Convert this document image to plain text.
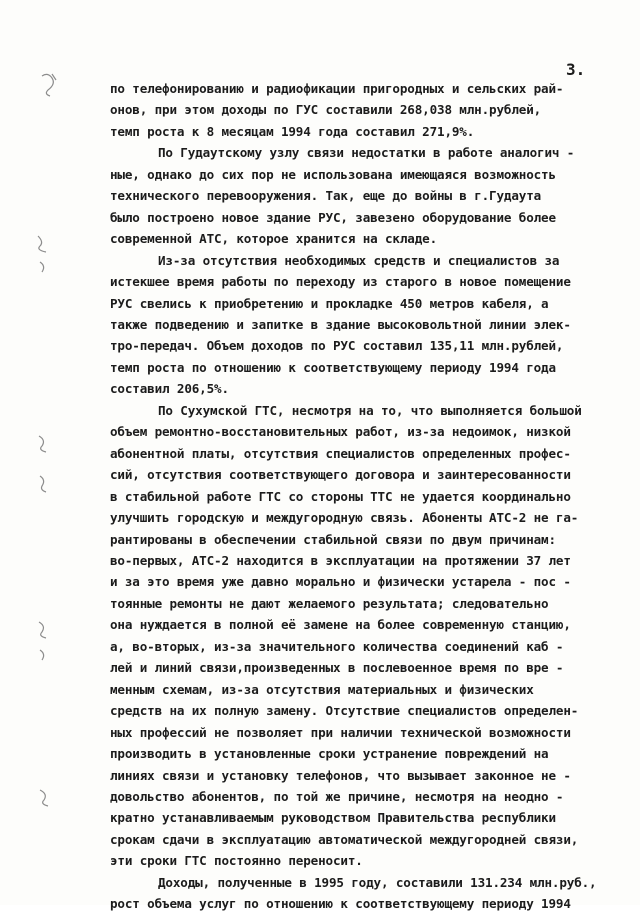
3.
по телефонированию и радиофикации пригородных и сельских рай-
онов, при этом доходы по ГУС составили 268,038 млн.рублей,
темп роста к 8 месяцам 1994 года составил 271,9%.
По Гудаутскому узлу связи недостатки в работе аналогич -
ные, однако до сих пор не использована имеющаяся возможность
технического перевооружения. Так, еще до войны в г.Гудаута
было построено новое здание РУС, завезено оборудование более
современной АТС, которое хранится на складе.
Из-за отсутствия необходимых средств и специалистов за
истекшее время работы по переходу из старого в новое помещение
РУС свелись к приобретению и прокладке 450 метров кабеля, а
также подведению и запитке в здание высоковольтной линии элек-
тро-передач. Объем доходов по РУС составил 135,11 млн.рублей,
темп роста по отношению к соответствующему периоду 1994 года
составил 206,5%.
По Сухумской ГТС, несмотря на то, что выполняется большой
объем ремонтно-восстановительных работ, из-за недоимок, низкой
абонентной платы, отсутствия специалистов определенных профес-
сий, отсутствия соответствующего договора и заинтересованности
в стабильной работе ГТС со стороны ТТС не удается координально
улучшить городскую и междугородную связь. Абоненты АТС-2 не га-
рантированы в обеспечении стабильной связи по двум причинам:
во-первых, АТС-2 находится в эксплуатации на протяжении 37 лет
и за это время уже давно морально и физически устарела - пос -
тоянные ремонты не дают желаемого результата; следовательно
она нуждается в полной её замене на более современную станцию,
а, во-вторых, из-за значительного количества соединений каб -
лей и линий связи,произведенных в послевоенное время по вре -
менным схемам, из-за отсутствия материальных и физических
средств на их полную замену. Отсутствие специалистов определен-
ных профессий не позволяет при наличии технической возможности
производить в установленные сроки устранение повреждений на
линиях связи и установку телефонов, что вызывает законное не -
довольство абонентов, по той же причине, несмотря на неодно -
кратно устанавливаемым руководством Правительства республики
срокам сдачи в эксплуатацию автоматической междугородней связи,
эти сроки ГТС постоянно переносит.
Доходы, полученные в 1995 году, составили 131.234 млн.руб.,
рост объема услуг по отношению к соответствующему периоду 1994
